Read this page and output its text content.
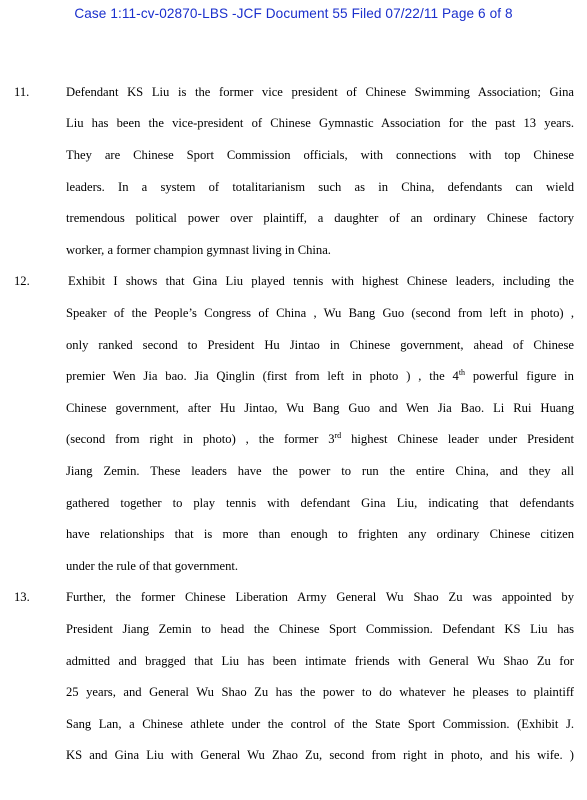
Case 1:11-cv-02870-LBS -JCF Document 55 Filed 07/22/11 Page 6 of 8
11.	Defendant KS Liu is the former vice president of Chinese Swimming Association; Gina
Liu has been the vice-president of Chinese Gymnastic Association for the past 13 years.
They are Chinese Sport Commission officials, with connections with top Chinese
leaders. In a system of totalitarianism such as in China, defendants can wield
tremendous political power over plaintiff, a daughter of an ordinary Chinese factory
worker, a former champion gymnast living in China.
12.	Exhibit I shows that Gina Liu played tennis with highest Chinese leaders, including the
Speaker of the People’s Congress of China , Wu Bang Guo (second from left in photo) ,
only ranked second to President Hu Jintao in Chinese government, ahead of Chinese
premier Wen Jia bao. Jia Qinglin (first from left in photo ) , the 4th powerful figure in
Chinese government, after Hu Jintao, Wu Bang Guo and Wen Jia Bao. Li Rui Huang
(second from right in photo) , the former 3rd highest Chinese leader under President
Jiang Zemin. These leaders have the power to run the entire China, and they all
gathered together to play tennis with defendant Gina Liu, indicating that defendants
have relationships that is more than enough to frighten any ordinary Chinese citizen
under the rule of that government.
13.	Further, the former Chinese Liberation Army General Wu Shao Zu was appointed by
President Jiang Zemin to head the Chinese Sport Commission. Defendant KS Liu has
admitted and bragged that Liu has been intimate friends with General Wu Shao Zu for
25 years, and General Wu Shao Zu has the power to do whatever he pleases to plaintiff
Sang Lan, a Chinese athlete under the control of the State Sport Commission. (Exhibit J.
KS and Gina Liu with General Wu Zhao Zu, second from right in photo, and his wife. )
